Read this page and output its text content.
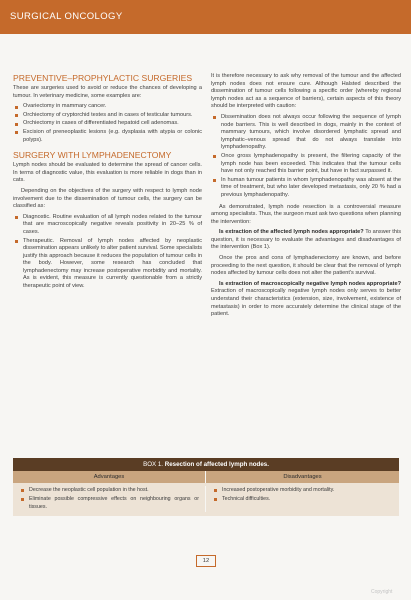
SURGICAL ONCOLOGY
PREVENTIVE–PROPHYLACTIC SURGERIES

These are surgeries used to avoid or reduce the chances of developing a tumour. In veterinary medicine, some examples are:

Ovariectomy in mammary cancer.
Orchiectomy of cryptorchid testes and in cases of testicular tumours.
Orchiectomy in cases of differentiated hepatoid cell adenomas.
Excision of preneoplastic lesions (e.g. dysplasia with atypia or colonic polyps).
SURGERY WITH LYMPHADENECTOMY

Lymph nodes should be evaluated to determine the spread of cancer cells. In terms of diagnostic value, this evaluation is more reliable in dogs than in cats.

Depending on the objectives of the surgery with respect to lymph node involvement due to the dissemination of tumour cells, the surgery can be classified as:

Diagnostic. Routine evaluation of all lymph nodes related to the tumour that are macroscopically negative reveals positivity in 20–25 % of cases.
Therapeutic. Removal of lymph nodes affected by neoplastic dissemination appears unlikely to alter patient survival. Some specialists justify this approach because it reduces the population of tumour cells in the body. However, some research has concluded that lymphadenectomy may increase postoperative morbidity and mortality. As is evident, this measure is currently questionable from a strictly therapeutic point of view.

It is therefore necessary to ask why removal of the tumour and the affected lymph nodes does not ensure cure. Although Halsted described the dissemination of tumour cells following a specific order (whereby regional lymph nodes act as a sequence of barriers), certain aspects of this theory should be interpreted with caution:

Dissemination does not always occur following the sequence of lymph node barriers. This is well described in dogs, mainly in the context of mammary tumours, which involve disordered lymphatic spread and lymphatic–venous spread that do not always translate into lymphadenopathy.
Once gross lymphadenopathy is present, the filtering capacity of the lymph node has been exceeded. This indicates that the tumour cells have not only reached this barrier point, but have in fact surpassed it.
In human tumour patients in whom lymphadenopathy was absent at the time of treatment, but who later developed metastasis, only 20 % had a previous lymphadenopathy.

As demonstrated, lymph node resection is a controversial measure among specialists. Thus, the surgeon must ask two questions when planning the intervention:

Is extraction of the affected lymph nodes appropriate? To answer this question, it is necessary to evaluate the advantages and disadvantages of the intervention (Box 1).

Once the pros and cons of lymphadenectomy are known, and before proceeding to the next question, it should be clear that the removal of lymph nodes affected by tumour cells does not alter the patient's survival.

Is extraction of macroscopically negative lymph nodes appropriate? Extraction of macroscopically negative lymph nodes only serves to better understand their characteristics (extension, size, involvement, existence of metastasis) in order to more accurately determine the clinical stage of the patient.

BOX 1. Resection of affected lymph nodes.
Advantages	Disadvantages
Decrease the neoplastic cell population in the host.
Eliminate possible compressive effects on neighbouring organs or tissues.
Increased postoperative morbidity and mortality.
Technical difficulties.
12
Copyright
